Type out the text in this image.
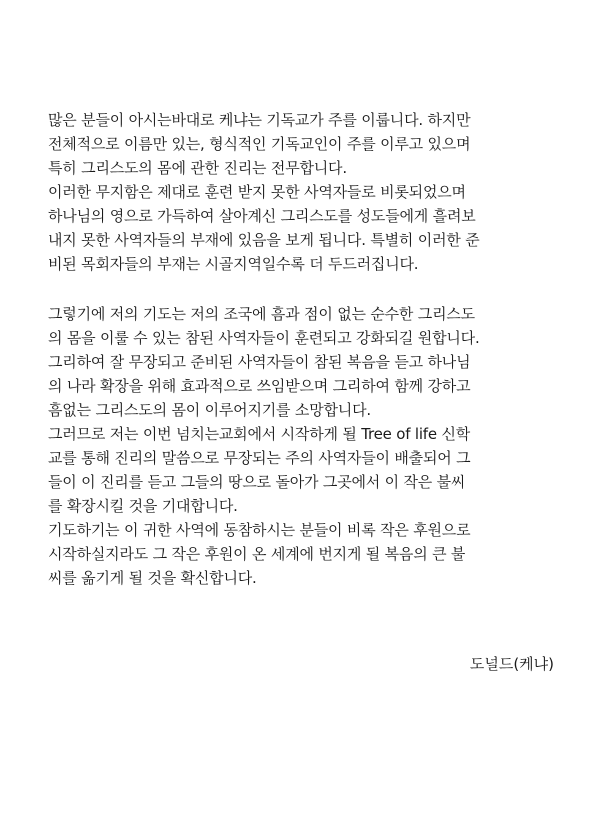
많은 분들이 아시는바대로 케냐는 기독교가 주를 이룹니다. 하지만
전체적으로 이름만 있는, 형식적인 기독교인이 주를 이루고 있으며
특히 그리스도의 몸에 관한 진리는 전무합니다.
이러한 무지함은 제대로 훈련 받지 못한 사역자들로 비롯되었으며
하나님의 영으로 가득하여 살아계신 그리스도를 성도들에게 흘려보
내지 못한 사역자들의 부재에 있음을 보게 됩니다. 특별히 이러한 준
비된 목회자들의 부재는 시골지역일수록 더 두드러집니다.
그렇기에 저의 기도는 저의 조국에 흠과 점이 없는 순수한 그리스도
의 몸을 이룰 수 있는 참된 사역자들이 훈련되고 강화되길 원합니다.
그리하여 잘 무장되고 준비된 사역자들이 참된 복음을 듣고 하나님
의 나라 확장을 위해 효과적으로 쓰임받으며 그리하여 함께 강하고
흠없는 그리스도의 몸이 이루어지기를 소망합니다.
그러므로 저는 이번 넘치는교회에서 시작하게 될 Tree of life 신학
교를 통해 진리의 말씀으로 무장되는 주의 사역자들이 배출되어 그
들이 이 진리를 듣고 그들의 땅으로 돌아가 그곳에서 이 작은 불씨
를 확장시킬 것을 기대합니다.
기도하기는 이 귀한 사역에 동참하시는 분들이 비록 작은 후원으로
시작하실지라도 그 작은 후원이 온 세계에 번지게 될 복음의 큰 불
씨를 옮기게 될 것을 확신합니다.
도널드(케냐)
